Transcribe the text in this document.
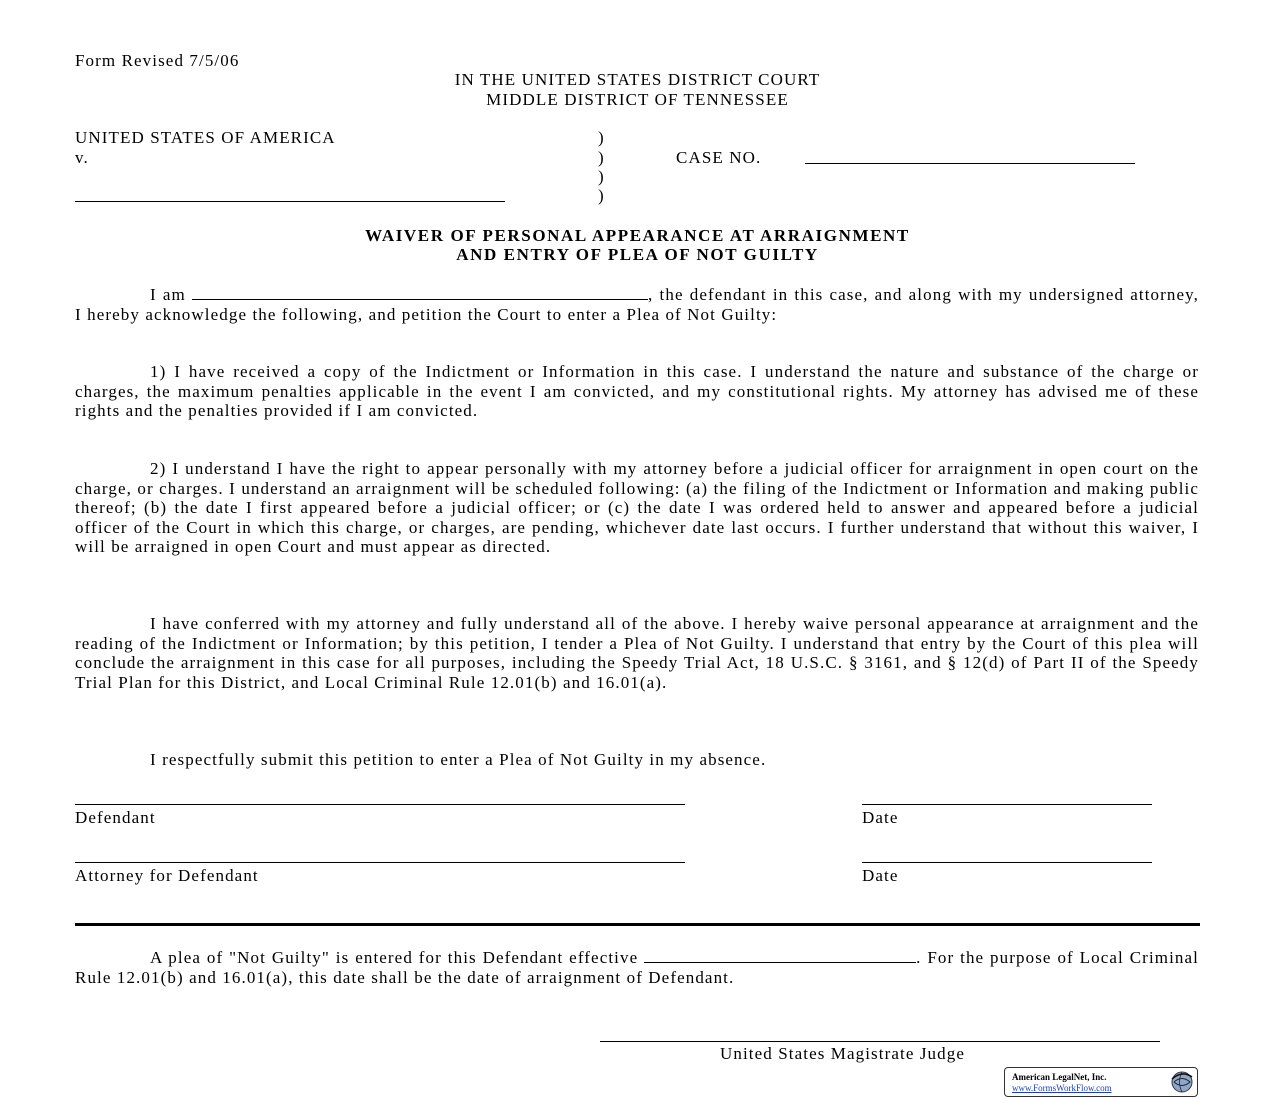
Form Revised 7/5/06
IN THE UNITED STATES DISTRICT COURT
MIDDLE DISTRICT OF TENNESSEE
UNITED STATES OF AMERICA
v.
)
)
)
)
CASE NO.
WAIVER OF PERSONAL APPEARANCE AT ARRAIGNMENT
AND ENTRY OF PLEA OF NOT GUILTY
I am	, the defendant in this case, and along with my undersigned attorney, I hereby acknowledge the following, and petition the Court to enter a Plea of Not Guilty:
1) I have received a copy of the Indictment or Information in this case. I understand the nature and substance of the charge or charges, the maximum penalties applicable in the event I am convicted, and my constitutional rights. My attorney has advised me of these rights and the penalties provided if I am convicted.
2) I understand I have the right to appear personally with my attorney before a judicial officer for arraignment in open court on the charge, or charges. I understand an arraignment will be scheduled following: (a) the filing of the Indictment or Information and making public thereof; (b) the date I first appeared before a judicial officer; or (c) the date I was ordered held to answer and appeared before a judicial officer of the Court in which this charge, or charges, are pending, whichever date last occurs. I further understand that without this waiver, I will be arraigned in open Court and must appear as directed.
I have conferred with my attorney and fully understand all of the above. I hereby waive personal appearance at arraignment and the reading of the Indictment or Information; by this petition, I tender a Plea of Not Guilty. I understand that entry by the Court of this plea will conclude the arraignment in this case for all purposes, including the Speedy Trial Act, 18 U.S.C. § 3161, and § 12(d) of Part II of the Speedy Trial Plan for this District, and Local Criminal Rule 12.01(b) and 16.01(a).
I respectfully submit this petition to enter a Plea of Not Guilty in my absence.
Defendant	Date
Attorney for Defendant	Date
A plea of "Not Guilty" is entered for this Defendant effective	. For the purpose of Local Criminal Rule 12.01(b) and 16.01(a), this date shall be the date of arraignment of Defendant.
United States Magistrate Judge
American LegalNet, Inc.
www.FormsWorkFlow.com
